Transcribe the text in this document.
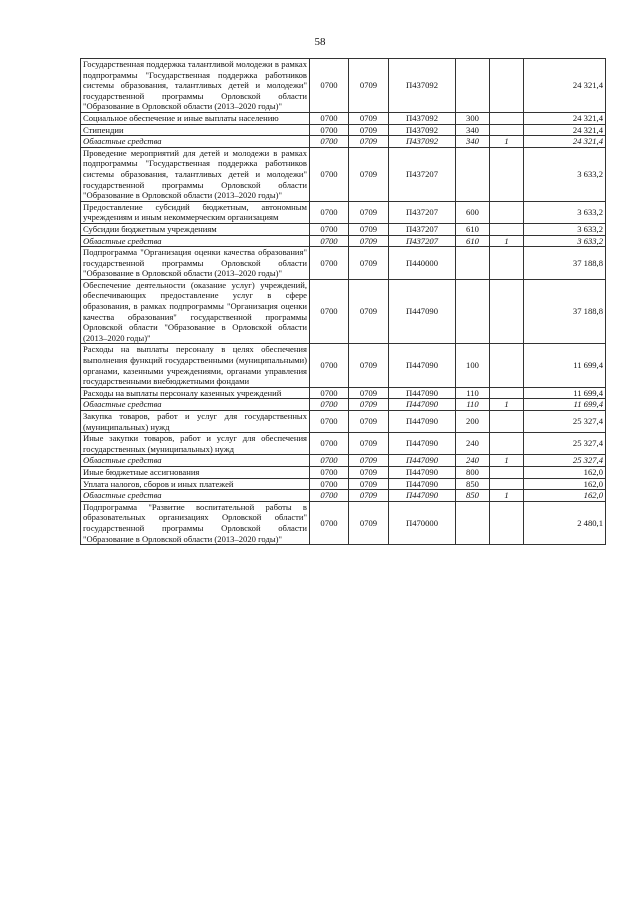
58
Государственная поддержка талантливой молодежи в рамках подпрограммы "Государственная поддержка работников системы образования, талантливых детей и молодежи" государственной программы Орловской области "Образование в Орловской области (2013–2020 годы)"	0700	0709	П437092			24 321,4
Социальное обеспечение и иные выплаты населению	0700	0709	П437092	300		24 321,4
Стипендии	0700	0709	П437092	340		24 321,4
Областные средства	0700	0709	П437092	340	1	24 321,4
Проведение мероприятий для детей и молодежи в рамках подпрограммы "Государственная поддержка работников системы образования, талантливых детей и молодежи" государственной программы Орловской области "Образование в Орловской области (2013–2020 годы)"	0700	0709	П437207			3 633,2
Предоставление субсидий бюджетным, автономным учреждениям и иным некоммерческим организациям	0700	0709	П437207	600		3 633,2
Субсидии бюджетным учреждениям	0700	0709	П437207	610		3 633,2
Областные средства	0700	0709	П437207	610	1	3 633,2
Подпрограмма "Организация оценки качества образования" государственной программы Орловской области "Образование в Орловской области (2013–2020 годы)"	0700	0709	П440000			37 188,8
Обеспечение деятельности (оказание услуг) учреждений, обеспечивающих предоставление услуг в сфере образования, в рамках подпрограммы "Организация оценки качества образования" государственной программы Орловской области "Образование в Орловской области (2013–2020 годы)"	0700	0709	П447090			37 188,8
Расходы на выплаты персоналу в целях обеспечения выполнения функций государственными (муниципальными) органами, казенными учреждениями, органами управления государственными внебюджетными фондами	0700	0709	П447090	100		11 699,4
Расходы на выплаты персоналу казенных учреждений	0700	0709	П447090	110		11 699,4
Областные средства	0700	0709	П447090	110	1	11 699,4
Закупка товаров, работ и услуг для государственных (муниципальных) нужд	0700	0709	П447090	200		25 327,4
Иные закупки товаров, работ и услуг для обеспечения государственных (муниципальных) нужд	0700	0709	П447090	240		25 327,4
Областные средства	0700	0709	П447090	240	1	25 327,4
Иные бюджетные ассигнования	0700	0709	П447090	800		162,0
Уплата налогов, сборов и иных платежей	0700	0709	П447090	850		162,0
Областные средства	0700	0709	П447090	850	1	162,0
Подпрограмма "Развитие воспитательной работы в образовательных организациях Орловской области" государственной программы Орловской области "Образование в Орловской области (2013–2020 годы)"	0700	0709	П470000			2 480,1
